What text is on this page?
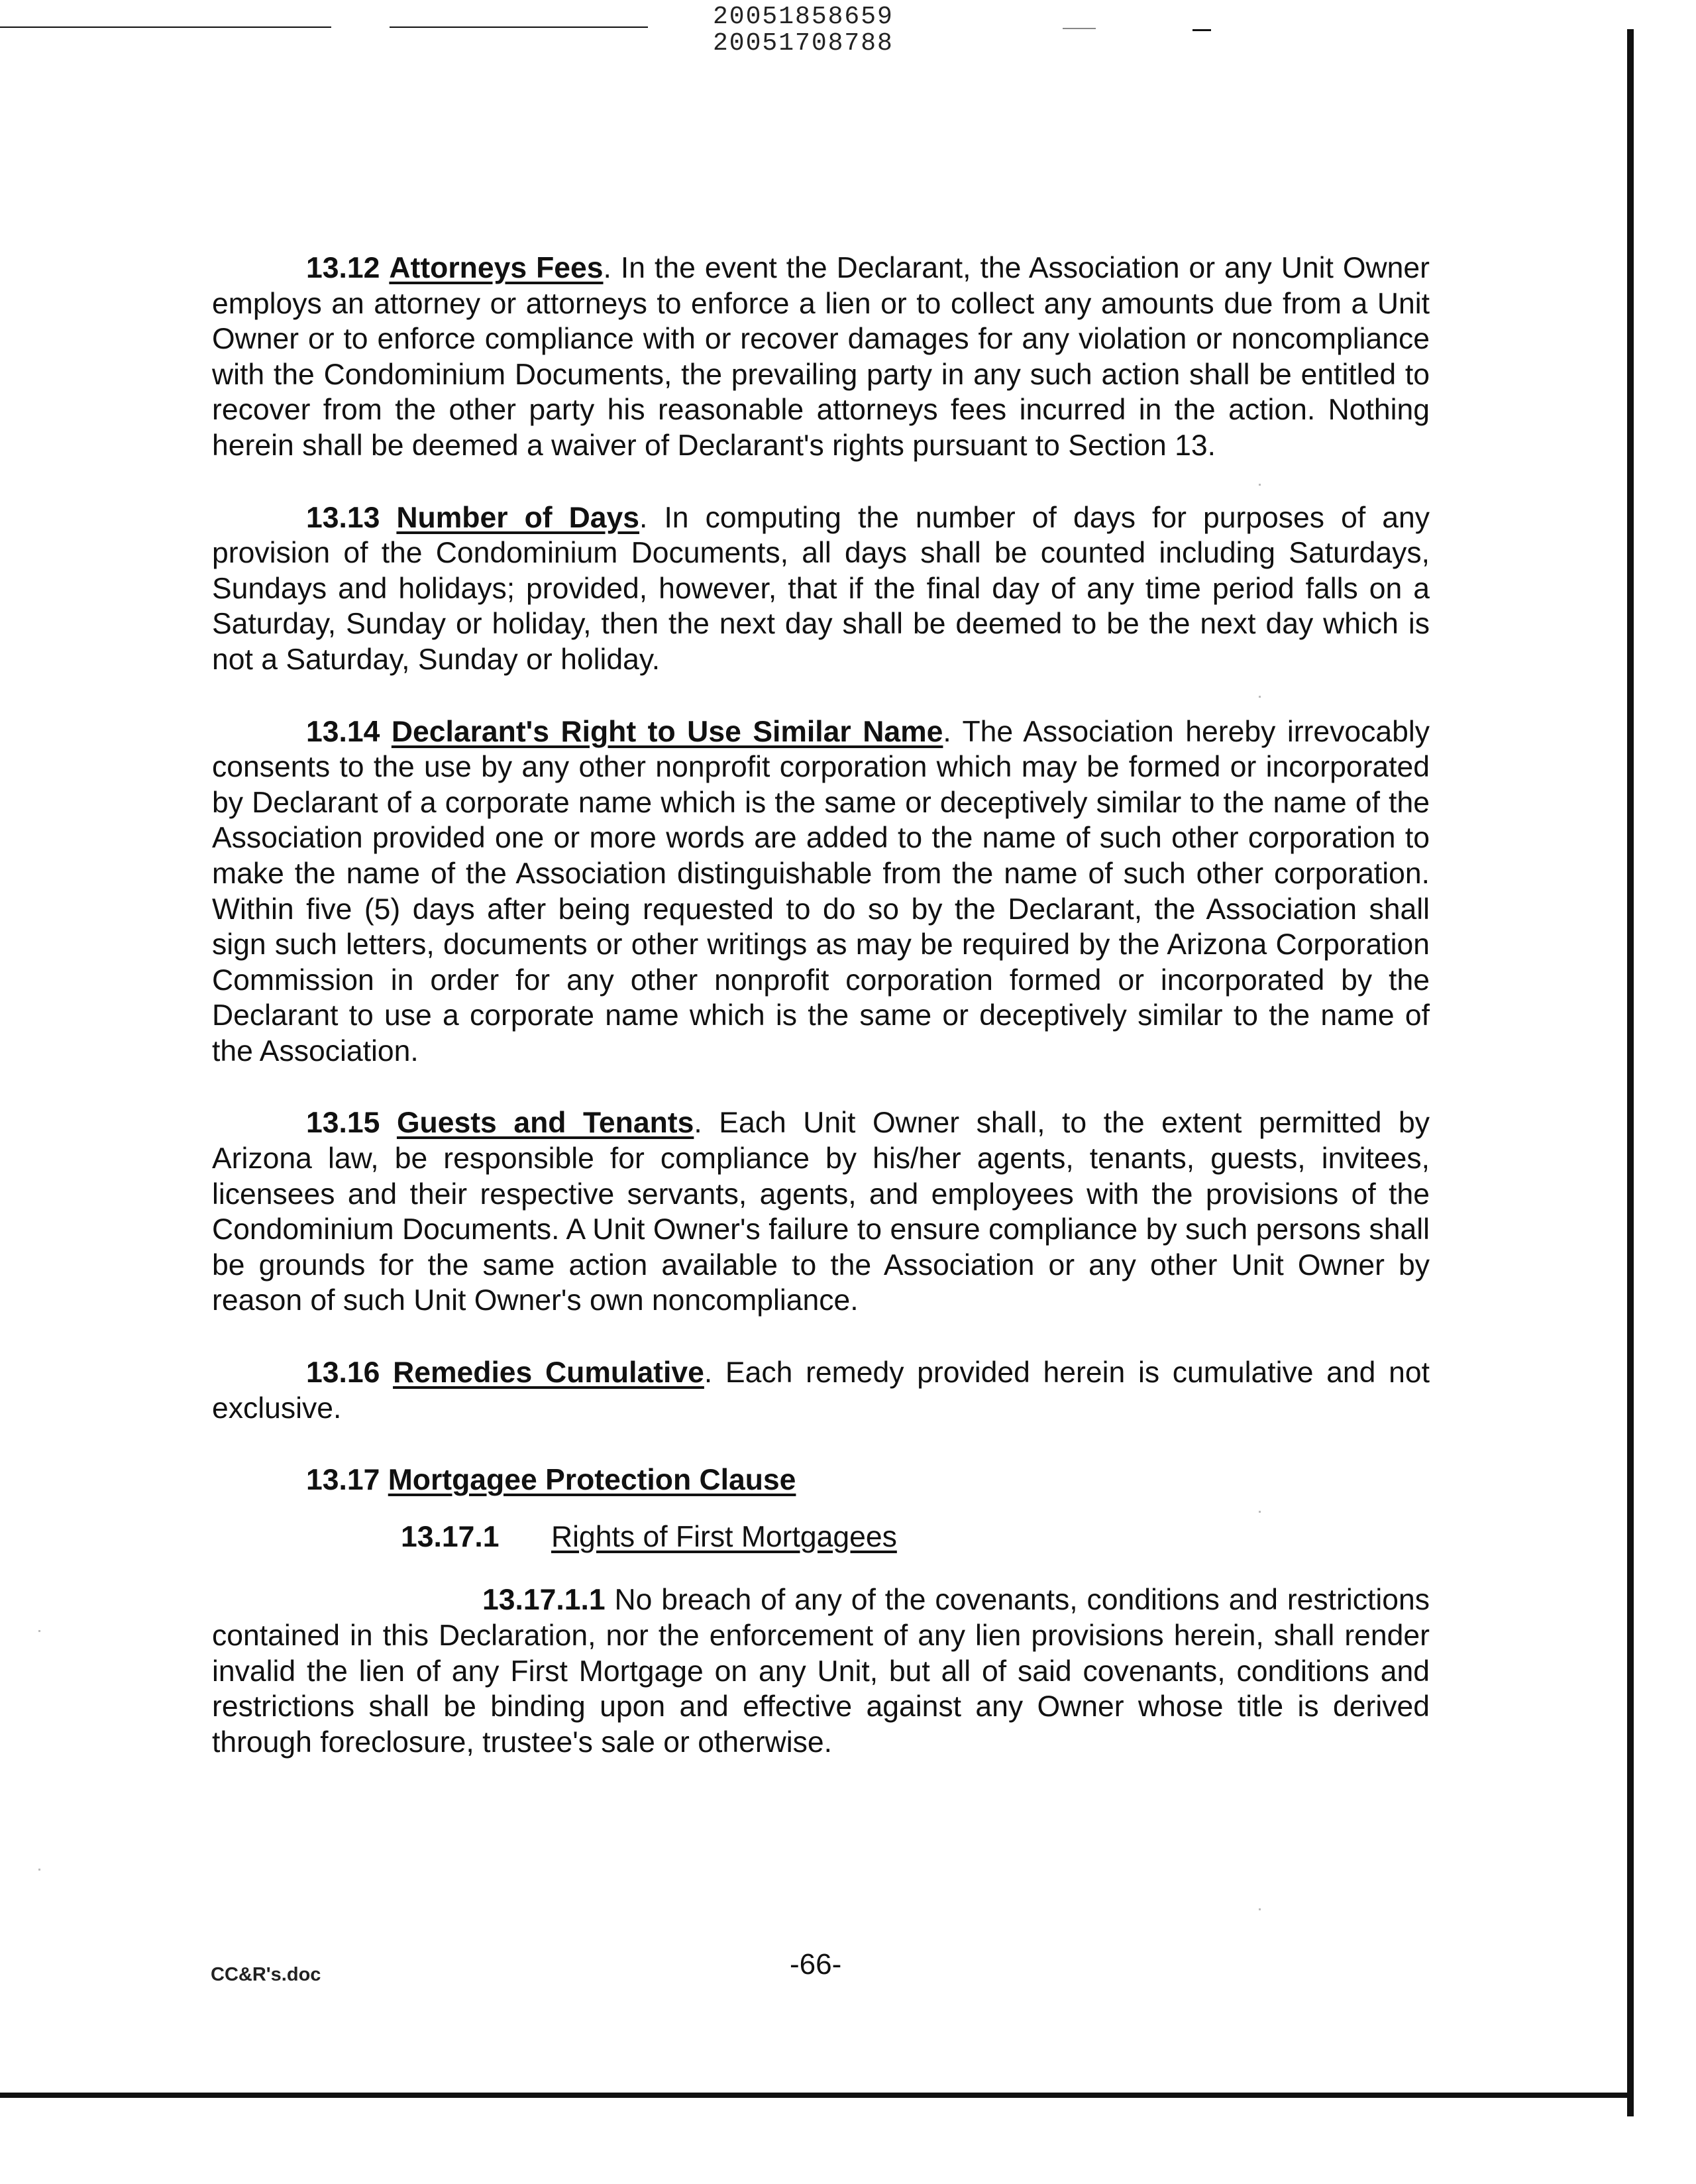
20051858659
20051708788

13.12 Attorneys Fees. In the event the Declarant, the Association or any Unit Owner employs an attorney or attorneys to enforce a lien or to collect any amounts due from a Unit Owner or to enforce compliance with or recover damages for any violation or noncompliance with the Condominium Documents, the prevailing party in any such action shall be entitled to recover from the other party his reasonable attorneys fees incurred in the action. Nothing herein shall be deemed a waiver of Declarant's rights pursuant to Section 13.

13.13 Number of Days. In computing the number of days for purposes of any provision of the Condominium Documents, all days shall be counted including Saturdays, Sundays and holidays; provided, however, that if the final day of any time period falls on a Saturday, Sunday or holiday, then the next day shall be deemed to be the next day which is not a Saturday, Sunday or holiday.

13.14 Declarant's Right to Use Similar Name. The Association hereby irrevocably consents to the use by any other nonprofit corporation which may be formed or incorporated by Declarant of a corporate name which is the same or deceptively similar to the name of the Association provided one or more words are added to the name of such other corporation to make the name of the Association distinguishable from the name of such other corporation. Within five (5) days after being requested to do so by the Declarant, the Association shall sign such letters, documents or other writings as may be required by the Arizona Corporation Commission in order for any other nonprofit corporation formed or incorporated by the Declarant to use a corporate name which is the same or deceptively similar to the name of the Association.

13.15 Guests and Tenants. Each Unit Owner shall, to the extent permitted by Arizona law, be responsible for compliance by his/her agents, tenants, guests, invitees, licensees and their respective servants, agents, and employees with the provisions of the Condominium Documents. A Unit Owner's failure to ensure compliance by such persons shall be grounds for the same action available to the Association or any other Unit Owner by reason of such Unit Owner's own noncompliance.

13.16 Remedies Cumulative. Each remedy provided herein is cumulative and not exclusive.

13.17 Mortgagee Protection Clause
13.17.1 Rights of First Mortgagees

13.17.1.1 No breach of any of the covenants, conditions and restrictions contained in this Declaration, nor the enforcement of any lien provisions herein, shall render invalid the lien of any First Mortgage on any Unit, but all of said covenants, conditions and restrictions shall be binding upon and effective against any Owner whose title is derived through foreclosure, trustee's sale or otherwise.

CC&R's.doc	-66-
